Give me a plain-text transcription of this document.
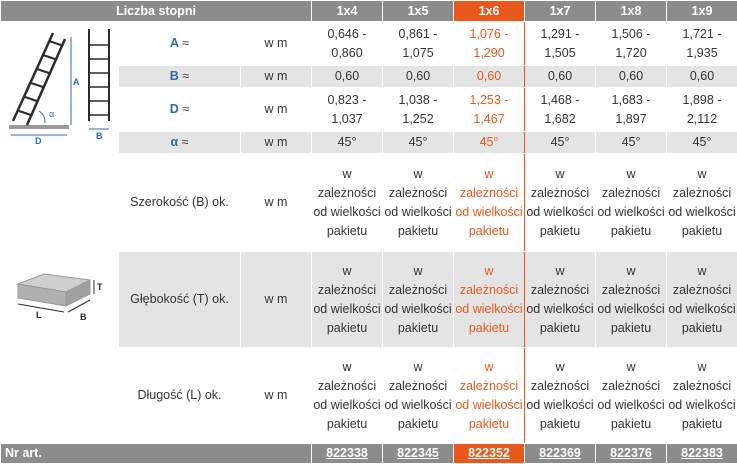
Liczba stopni			1x4	1x5	1x6	1x7	1x8	1x9

A
α
D B	A ≈	w m	0,646 - 0,860	0,861 - 1,075	1,076 - 1,290	1,291 - 1,505	1,506 - 1,720	1,721 - 1,935
	B ≈	w m	0,60	0,60	0,60	0,60	0,60	0,60
	D ≈	w m	0,823 - 1,037	1,038 - 1,252	1,253 - 1,467	1,468 - 1,682	1,683 - 1,897	1,898 - 2,112
	α ≈	w m	45°	45°	45°	45°	45°	45°

T
L B	Szerokość (B) ok.	w m	w zależności od wielkości pakietu	w zależności od wielkości pakietu	w zależności od wielkości pakietu	w zależności od wielkości pakietu	w zależności od wielkości pakietu	w zależności od wielkości pakietu
	Głębokość (T) ok.	w m	w zależności od wielkości pakietu	w zależności od wielkości pakietu	w zależności od wielkości pakietu	w zależności od wielkości pakietu	w zależności od wielkości pakietu	w zależności od wielkości pakietu
	Długość (L) ok.	w m	w zależności od wielkości pakietu	w zależności od wielkości pakietu	w zależności od wielkości pakietu	w zależności od wielkości pakietu	w zależności od wielkości pakietu	w zależności od wielkości pakietu
Nr art.			822338	822345	822352	822369	822376	822383
